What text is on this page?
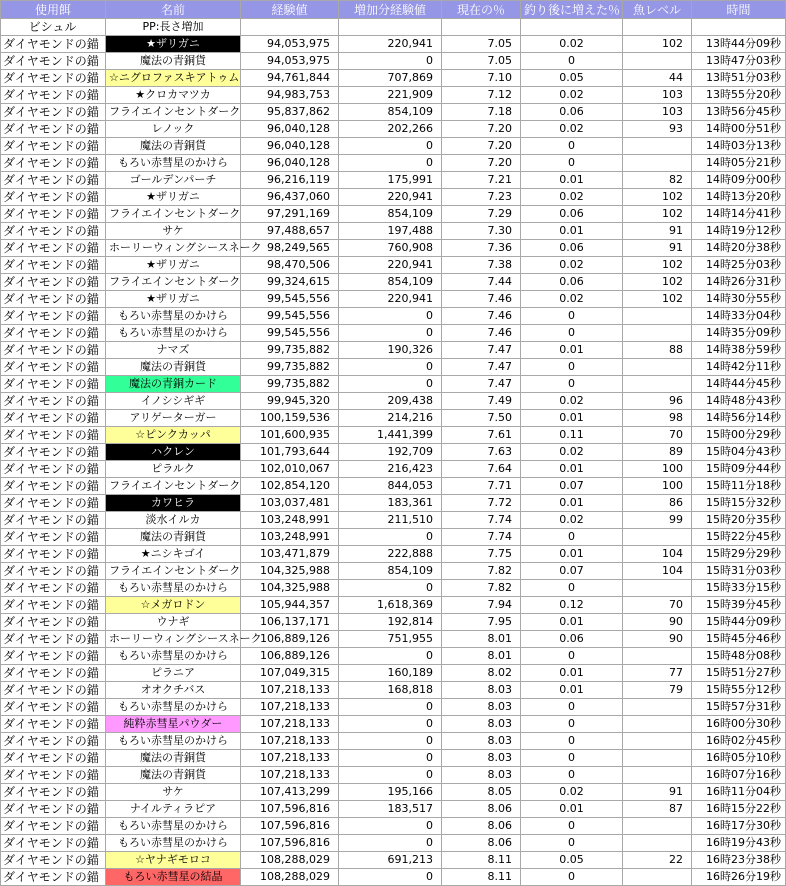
使用餌	名前	経験値	増加分経験値	現在の％	釣り後に増えた％	魚レベル	時間
ビシュル	PP:長さ増加						
ダイヤモンドの錨	★ザリガニ	94,053,975	220,941	7.05	0.02	102	13時44分09秒
ダイヤモンドの錨	魔法の青銅貨	94,053,975	0	7.05	0		13時47分03秒
ダイヤモンドの錨	☆ニグロファスキアトゥム	94,761,844	707,869	7.10	0.05	44	13時51分03秒
ダイヤモンドの錨	★クロカマツカ	94,983,753	221,909	7.12	0.02	103	13時55分20秒
ダイヤモンドの錨	フライエインセントダーク	95,837,862	854,109	7.18	0.06	103	13時56分45秒
ダイヤモンドの錨	レノック	96,040,128	202,266	7.20	0.02	93	14時00分51秒
ダイヤモンドの錨	魔法の青銅貨	96,040,128	0	7.20	0		14時03分13秒
ダイヤモンドの錨	もろい赤彗星のかけら	96,040,128	0	7.20	0		14時05分21秒
ダイヤモンドの錨	ゴールデンパーチ	96,216,119	175,991	7.21	0.01	82	14時09分00秒
ダイヤモンドの錨	★ザリガニ	96,437,060	220,941	7.23	0.02	102	14時13分20秒
ダイヤモンドの錨	フライエインセントダーク	97,291,169	854,109	7.29	0.06	102	14時14分41秒
ダイヤモンドの錨	サケ	97,488,657	197,488	7.30	0.01	91	14時19分12秒
ダイヤモンドの錨	ホーリーウィングシースネーク	98,249,565	760,908	7.36	0.06	91	14時20分38秒
ダイヤモンドの錨	★ザリガニ	98,470,506	220,941	7.38	0.02	102	14時25分03秒
ダイヤモンドの錨	フライエインセントダーク	99,324,615	854,109	7.44	0.06	102	14時26分31秒
ダイヤモンドの錨	★ザリガニ	99,545,556	220,941	7.46	0.02	102	14時30分55秒
ダイヤモンドの錨	もろい赤彗星のかけら	99,545,556	0	7.46	0		14時33分04秒
ダイヤモンドの錨	もろい赤彗星のかけら	99,545,556	0	7.46	0		14時35分09秒
ダイヤモンドの錨	ナマズ	99,735,882	190,326	7.47	0.01	88	14時38分59秒
ダイヤモンドの錨	魔法の青銅貨	99,735,882	0	7.47	0		14時42分11秒
ダイヤモンドの錨	魔法の青銅カード	99,735,882	0	7.47	0		14時44分45秒
ダイヤモンドの錨	イノシシギギ	99,945,320	209,438	7.49	0.02	96	14時48分43秒
ダイヤモンドの錨	アリゲーターガー	100,159,536	214,216	7.50	0.01	98	14時56分14秒
ダイヤモンドの錨	☆ピンクカッパ	101,600,935	1,441,399	7.61	0.11	70	15時00分29秒
ダイヤモンドの錨	ハクレン	101,793,644	192,709	7.63	0.02	89	15時04分43秒
ダイヤモンドの錨	ピラルク	102,010,067	216,423	7.64	0.01	100	15時09分44秒
ダイヤモンドの錨	フライエインセントダーク	102,854,120	844,053	7.71	0.07	100	15時11分18秒
ダイヤモンドの錨	カワヒラ	103,037,481	183,361	7.72	0.01	86	15時15分32秒
ダイヤモンドの錨	淡水イルカ	103,248,991	211,510	7.74	0.02	99	15時20分35秒
ダイヤモンドの錨	魔法の青銅貨	103,248,991	0	7.74	0		15時22分45秒
ダイヤモンドの錨	★ニシキゴイ	103,471,879	222,888	7.75	0.01	104	15時29分29秒
ダイヤモンドの錨	フライエインセントダーク	104,325,988	854,109	7.82	0.07	104	15時31分03秒
ダイヤモンドの錨	もろい赤彗星のかけら	104,325,988	0	7.82	0		15時33分15秒
ダイヤモンドの錨	☆メガロドン	105,944,357	1,618,369	7.94	0.12	70	15時39分45秒
ダイヤモンドの錨	ウナギ	106,137,171	192,814	7.95	0.01	90	15時44分09秒
ダイヤモンドの錨	ホーリーウィングシースネーク	106,889,126	751,955	8.01	0.06	90	15時45分46秒
ダイヤモンドの錨	もろい赤彗星のかけら	106,889,126	0	8.01	0		15時48分08秒
ダイヤモンドの錨	ピラニア	107,049,315	160,189	8.02	0.01	77	15時51分27秒
ダイヤモンドの錨	オオクチバス	107,218,133	168,818	8.03	0.01	79	15時55分12秒
ダイヤモンドの錨	もろい赤彗星のかけら	107,218,133	0	8.03	0		15時57分31秒
ダイヤモンドの錨	純粋赤彗星パウダー	107,218,133	0	8.03	0		16時00分30秒
ダイヤモンドの錨	もろい赤彗星のかけら	107,218,133	0	8.03	0		16時02分45秒
ダイヤモンドの錨	魔法の青銅貨	107,218,133	0	8.03	0		16時05分10秒
ダイヤモンドの錨	魔法の青銅貨	107,218,133	0	8.03	0		16時07分16秒
ダイヤモンドの錨	サケ	107,413,299	195,166	8.05	0.02	91	16時11分04秒
ダイヤモンドの錨	ナイルティラピア	107,596,816	183,517	8.06	0.01	87	16時15分22秒
ダイヤモンドの錨	もろい赤彗星のかけら	107,596,816	0	8.06	0		16時17分30秒
ダイヤモンドの錨	もろい赤彗星のかけら	107,596,816	0	8.06	0		16時19分43秒
ダイヤモンドの錨	☆ヤナギモロコ	108,288,029	691,213	8.11	0.05	22	16時23分38秒
ダイヤモンドの錨	もろい赤彗星の結晶	108,288,029	0	8.11	0		16時26分19秒
